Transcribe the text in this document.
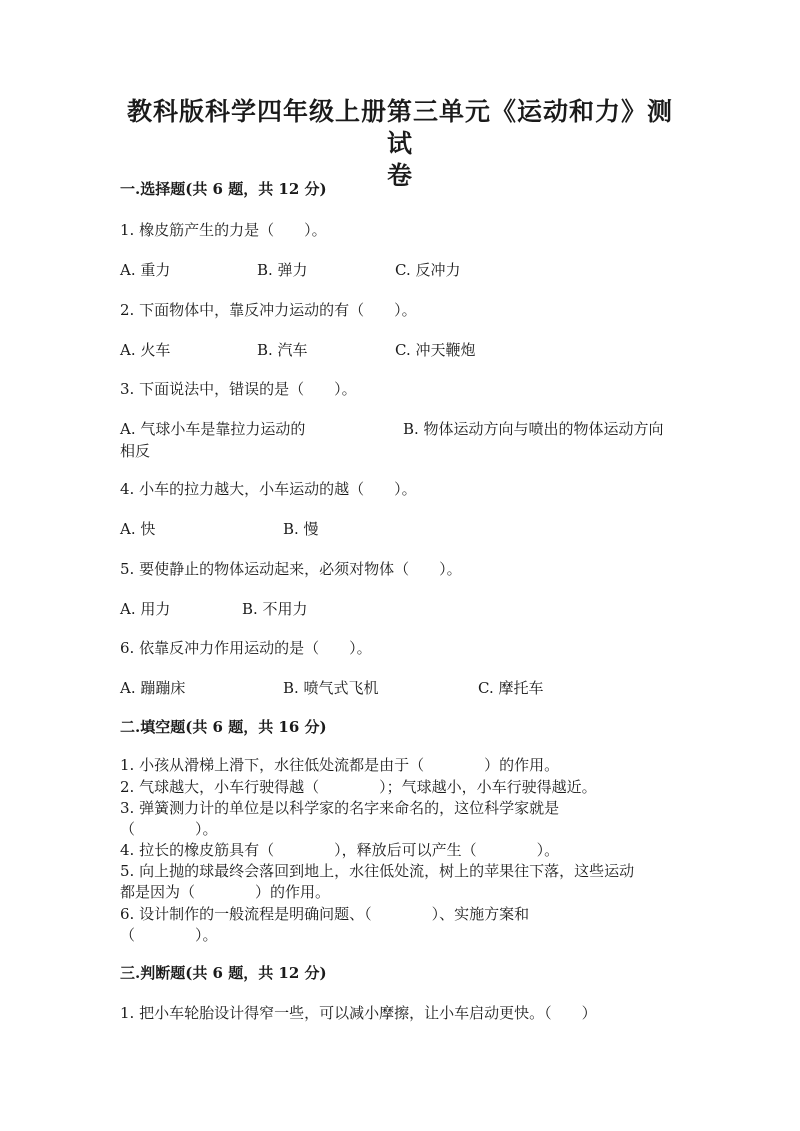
教科版科学四年级上册第三单元《运动和力》测试
卷
一.选择题(共 6 题，共 12 分)
1. 橡皮筋产生的力是（　　）。
A. 重力	B. 弹力	C. 反冲力
2. 下面物体中，靠反冲力运动的有（　　）。
A. 火车	B. 汽车	C. 冲天鞭炮
3. 下面说法中，错误的是（　　）。
A. 气球小车是靠拉力运动的	B. 物体运动方向与喷出的物体运动方向
相反
4. 小车的拉力越大，小车运动的越（　　）。
A. 快	B. 慢
5. 要使静止的物体运动起来，必须对物体（　　）。
A. 用力	B. 不用力
6. 依靠反冲力作用运动的是（　　）。
A. 蹦蹦床	B. 喷气式飞机	C. 摩托车
二.填空题(共 6 题，共 16 分)
1. 小孩从滑梯上滑下，水往低处流都是由于（　　　　）的作用。
2. 气球越大，小车行驶得越（　　　　）；气球越小，小车行驶得越近。
3. 弹簧测力计的单位是以科学家的名字来命名的，这位科学家就是
（　　　　）。
4. 拉长的橡皮筋具有（　　　　），释放后可以产生（　　　　）。
5. 向上抛的球最终会落回到地上，水往低处流，树上的苹果往下落，这些运动
都是因为（　　　　）的作用。
6. 设计制作的一般流程是明确问题、（　　　　）、实施方案和
（　　　　）。
三.判断题(共 6 题，共 12 分)
1. 把小车轮胎设计得窄一些，可以减小摩擦，让小车启动更快。（　　）
